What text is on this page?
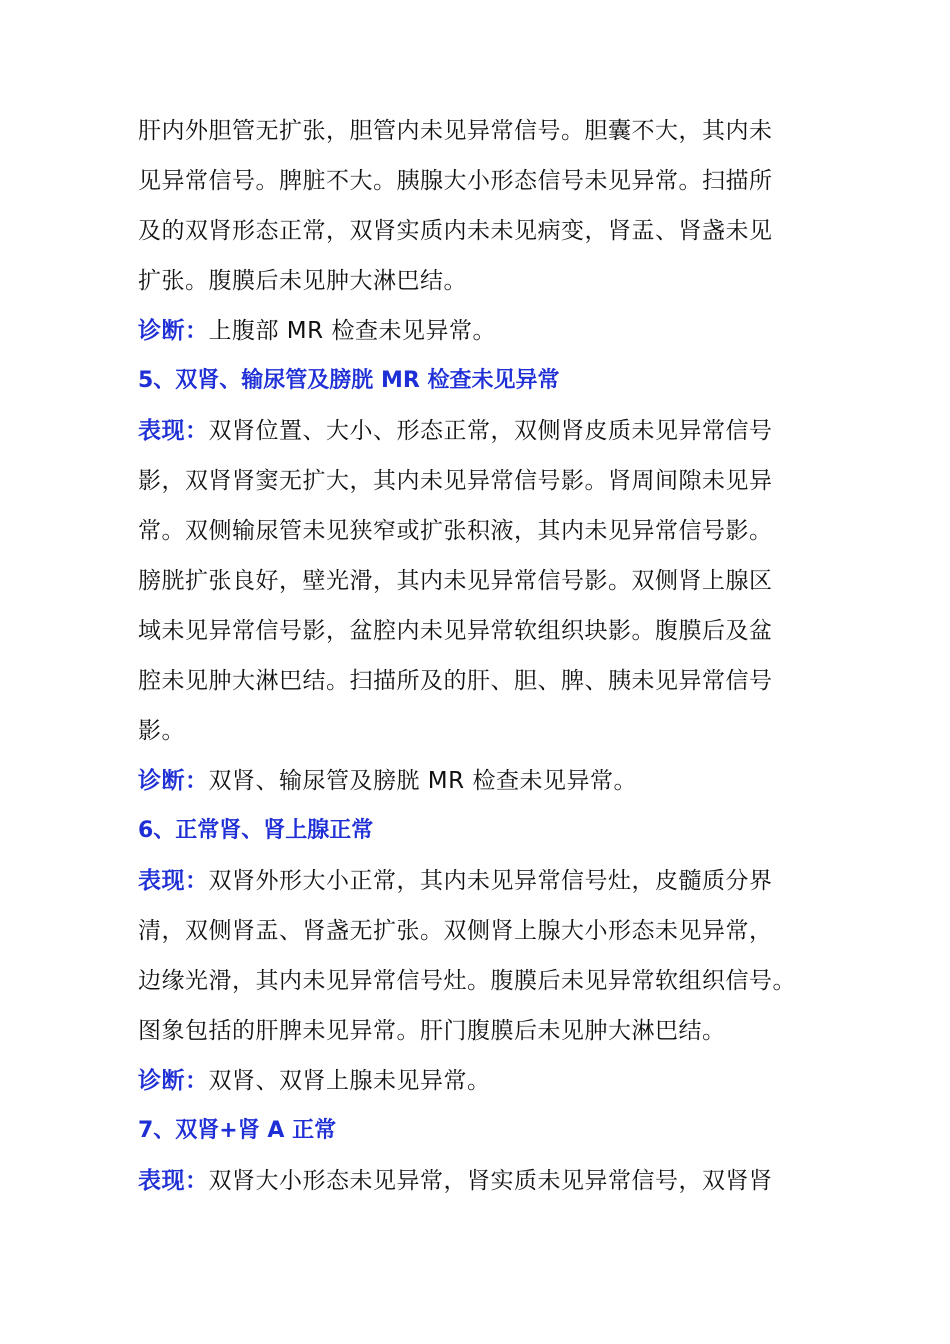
肝内外胆管无扩张，胆管内未见异常信号。胆囊不大，其内未
见异常信号。脾脏不大。胰腺大小形态信号未见异常。扫描所
及的双肾形态正常，双肾实质内未未见病变，肾盂、肾盏未见
扩张。腹膜后未见肿大淋巴结。
诊断：上腹部 MR 检查未见异常。
5、双肾、输尿管及膀胱 MR 检查未见异常
表现：双肾位置、大小、形态正常，双侧肾皮质未见异常信号
影，双肾肾窦无扩大，其内未见异常信号影。肾周间隙未见异
常。双侧输尿管未见狭窄或扩张积液，其内未见异常信号影。
膀胱扩张良好，壁光滑，其内未见异常信号影。双侧肾上腺区
域未见异常信号影，盆腔内未见异常软组织块影。腹膜后及盆
腔未见肿大淋巴结。扫描所及的肝、胆、脾、胰未见异常信号
影。
诊断：双肾、输尿管及膀胱 MR 检查未见异常。
6、正常肾、肾上腺正常
表现：双肾外形大小正常，其内未见异常信号灶，皮髓质分界
清，双侧肾盂、肾盏无扩张。双侧肾上腺大小形态未见异常，
边缘光滑，其内未见异常信号灶。腹膜后未见异常软组织信号。
图象包括的肝脾未见异常。肝门腹膜后未见肿大淋巴结。
诊断：双肾、双肾上腺未见异常。
7、双肾+肾 A 正常
表现：双肾大小形态未见异常，肾实质未见异常信号，双肾肾
